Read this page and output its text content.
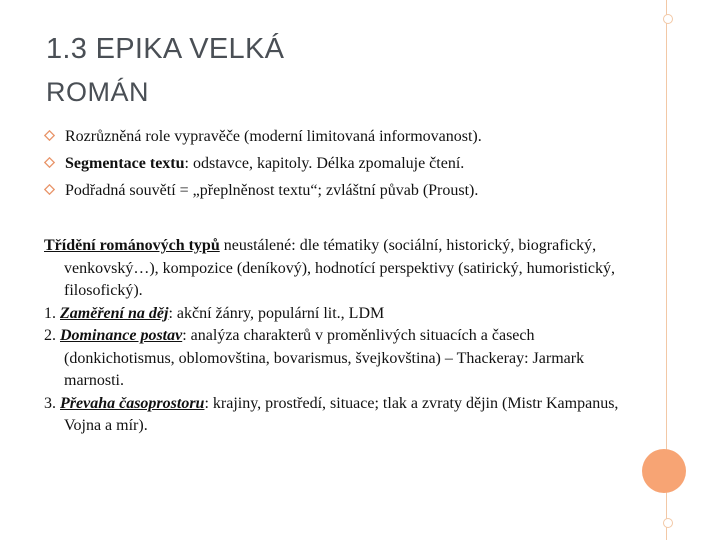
1.3 EPIKA VELKÁ
ROMÁN
Rozrůzněná role vypravěče (moderní limitovaná informovanost).
Segmentace textu: odstavce, kapitoly. Délka zpomaluje čtení.
Podřadná souvětí = „přeplněnost textu“; zvláštní půvab (Proust).

Třídění románových typů neustálené: dle tématiky (sociální, historický, biografický, venkovský…), kompozice (deníkový), hodnotící perspektivy (satirický, humoristický, filosofický).

1. Zaměření na děj: akční žánry, populární lit., LDM

2. Dominance postav: analýza charakterů v proměnlivých situacích a časech (donkichotismus, oblomovština, bovarismus, švejkovština) – Thackeray: Jarmark marnosti.

3. Převaha časoprostoru: krajiny, prostředí, situace; tlak a zvraty dějin (Mistr Kampanus, Vojna a mír).
